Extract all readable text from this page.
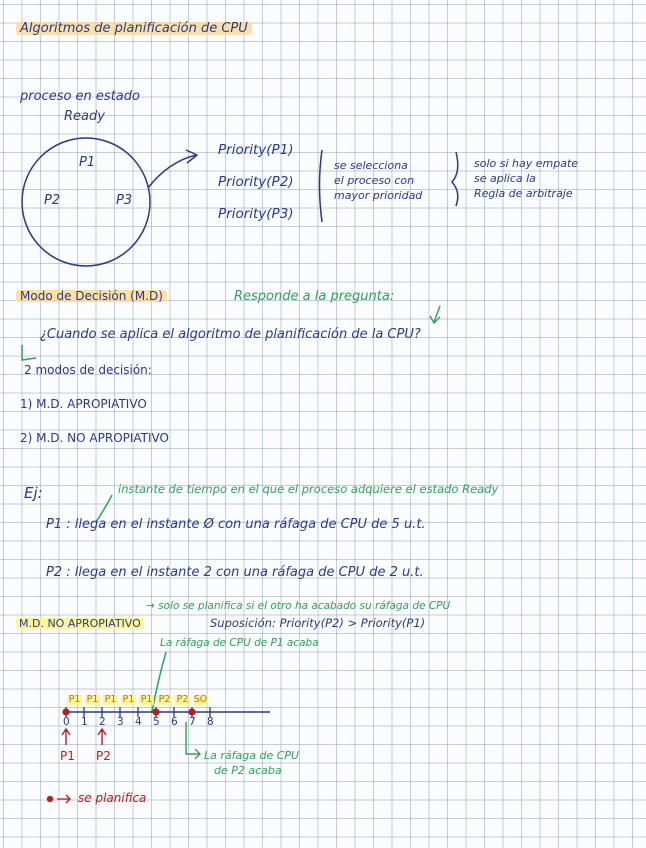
Algoritmos de planificación de CPU
proceso en estado
Ready
P1
P2	P3
Priority(P1)
Priority(P2)
Priority(P3)
se selecciona
el proceso con
mayor prioridad
solo si hay empate
se aplica la
Regla de arbitraje
Modo de Decisión (M.D)	Responde a la pregunta:
¿Cuando se aplica el algoritmo de planificación de la CPU?
2 modos de decisión:
1) M.D. APROPIATIVO
2) M.D. NO APROPIATIVO
Ej:	instante de tiempo en el que el proceso adquiere el estado Ready
P1 : llega en el instante Ø con una ráfaga de CPU de 5 u.t.
P2 : llega en el instante 2 con una ráfaga de CPU de 2 u.t.
→ solo se planifica si el otro ha acabado su ráfaga de CPU
M.D. NO APROPIATIVO	Suposición: Priority(P2) > Priority(P1)
La ráfaga de CPU de P1 acaba
P1 P1 P1 P1 P1 P2 P2 SO
0 1 2 3 4 5 6 7 8
P1 P2	La ráfaga de CPU
de P2 acaba
se planifica
